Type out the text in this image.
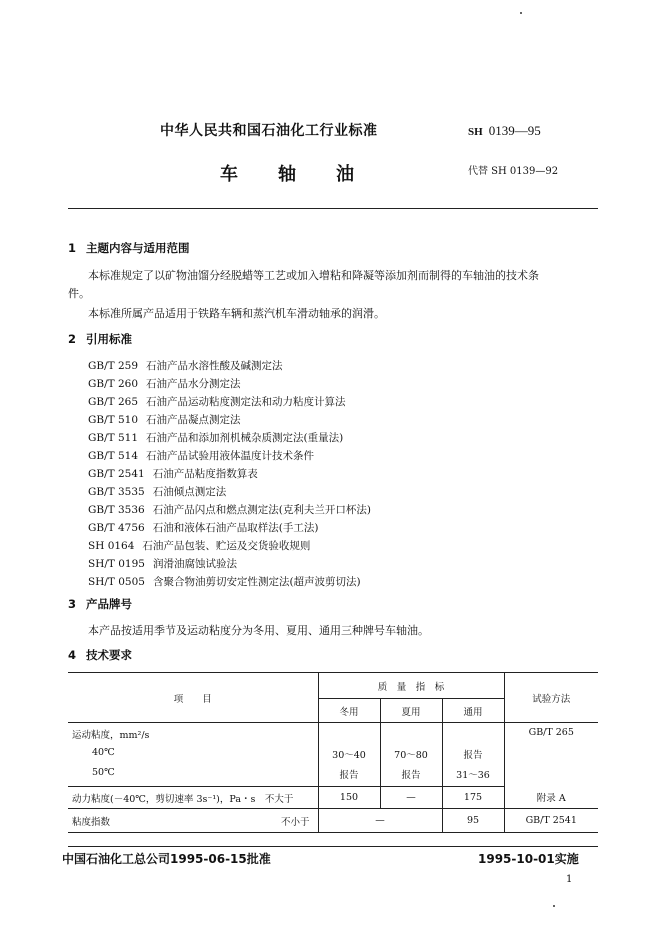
中华人民共和国石油化工行业标准	SH 0139—95
车 轴 油	代替 SH 0139—92
1 主题内容与适用范围
本标准规定了以矿物油馏分经脱蜡等工艺或加入增粘和降凝等添加剂而制得的车轴油的技术条
件。
本标准所属产品适用于铁路车辆和蒸汽机车滑动轴承的润滑。
2 引用标准
GB/T 259 石油产品水溶性酸及碱测定法
GB/T 260 石油产品水分测定法
GB/T 265 石油产品运动粘度测定法和动力粘度计算法
GB/T 510 石油产品凝点测定法
GB/T 511 石油产品和添加剂机械杂质测定法(重量法)
GB/T 514 石油产品试验用液体温度计技术条件
GB/T 2541 石油产品粘度指数算表
GB/T 3535 石油倾点测定法
GB/T 3536 石油产品闪点和燃点测定法(克利夫兰开口杯法)
GB/T 4756 石油和液体石油产品取样法(手工法)
SH 0164 石油产品包装、贮运及交货验收规则
SH/T 0195 润滑油腐蚀试验法
SH/T 0505 含聚合物油剪切安定性测定法(超声波剪切法)
3 产品牌号
本产品按适用季节及运动粘度分为冬用、夏用、通用三种牌号车轴油。
4 技术要求
项　　目	质　量　指　标			试验方法
	冬用	夏用	通用	
运动粘度，mm²/s				GB/T 265
40℃	30～40	70～80	报告	
50℃	报告	报告	31～36	
动力粘度(－40℃，剪切速率 3s⁻¹)，Pa・s　不大于	150	—	175	附录 A
粘度指数 不小于	—		95	GB/T 2541
中国石油化工总公司1995-06-15批准	1995-10-01实施
1
